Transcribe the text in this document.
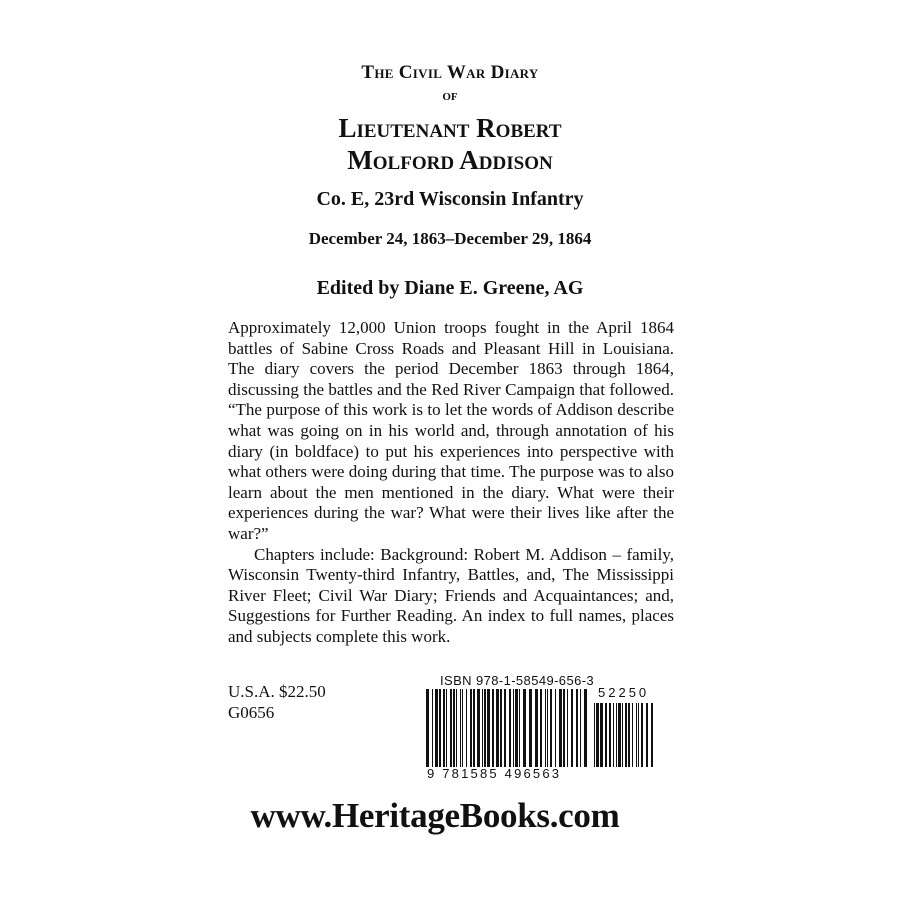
The Civil War Diary
of
Lieutenant Robert
Molford Addison
Co. E, 23rd Wisconsin Infantry
December 24, 1863–December 29, 1864
Edited by Diane E. Greene, AG

Approximately 12,000 Union troops fought in the April 1864 battles of Sabine Cross Roads and Pleasant Hill in Louisiana. The diary covers the period December 1863 through 1864, discussing the battles and the Red River Campaign that followed. “The purpose of this work is to let the words of Addison describe what was going on in his world and, through annotation of his diary (in boldface) to put his experiences into perspective with what others were doing during that time. The purpose was to also learn about the men mentioned in the diary. What were their experiences during the war? What were their lives like after the war?”

Chapters include: Background: Robert M. Addison – family, Wisconsin Twenty-third Infantry, Battles, and, The Mississippi River Fleet; Civil War Diary; Friends and Acquaintances; and, Suggestions for Further Reading. An index to full names, places and subjects complete this work.

U.S.A. $22.50
G0656
ISBN 978-1-58549-656-3
52250
9 781585 496563
www.HeritageBooks.com
